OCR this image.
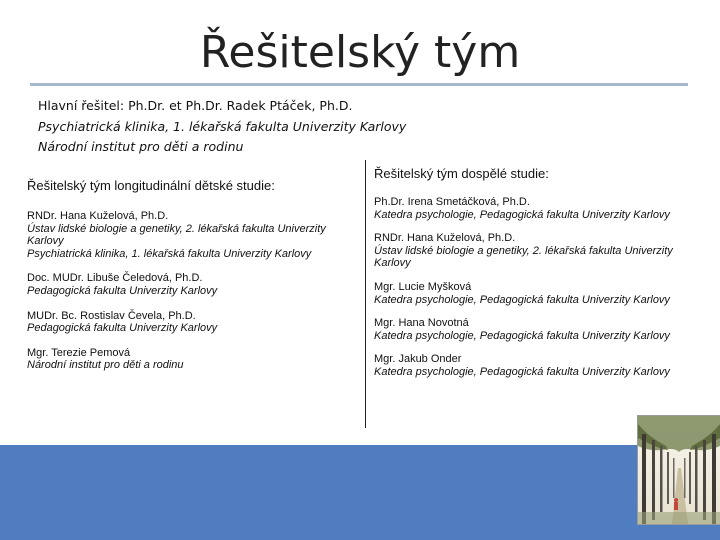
Řešitelský tým
Hlavní řešitel: Ph.Dr. et Ph.Dr. Radek Ptáček, Ph.D.
Psychiatrická klinika, 1. lékařská fakulta Univerzity Karlovy
Národní institut pro děti a rodinu
Řešitelský tým longitudinální dětské studie:
RNDr. Hana Kuželová, Ph.D.
Ústav lidské biologie a genetiky, 2. lékařská fakulta Univerzity
Karlovy
Psychiatrická klinika, 1. lékařská fakulta Univerzity Karlovy
Doc. MUDr. Libuše Čeledová, Ph.D.
Pedagogická fakulta Univerzity Karlovy
MUDr. Bc. Rostislav Čevela, Ph.D.
Pedagogická fakulta Univerzity Karlovy
Mgr. Terezie Pemová
Národní institut pro děti a rodinu
Řešitelský tým dospělé studie:
Ph.Dr. Irena Smetáčková, Ph.D.
Katedra psychologie, Pedagogická fakulta Univerzity Karlovy
RNDr. Hana Kuželová, Ph.D.
Ústav lidské biologie a genetiky, 2. lékařská fakulta Univerzity
Karlovy
Mgr. Lucie Myšková
Katedra psychologie, Pedagogická fakulta Univerzity Karlovy
Mgr. Hana Novotná
Katedra psychologie, Pedagogická fakulta Univerzity Karlovy
Mgr. Jakub Onder
Katedra psychologie, Pedagogická fakulta Univerzity Karlovy
